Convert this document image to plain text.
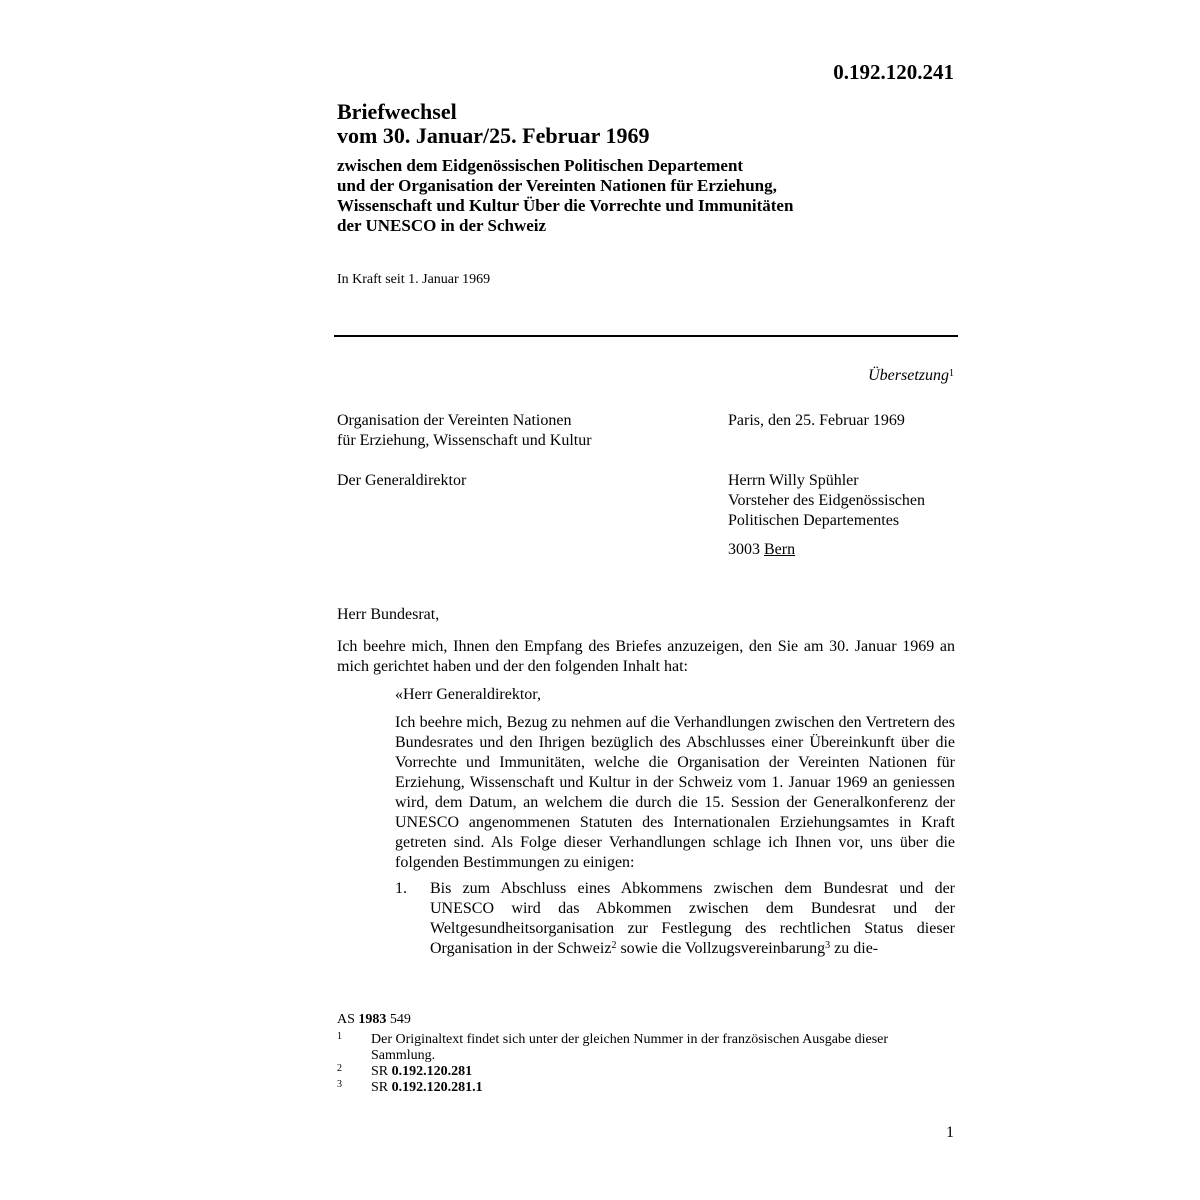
0.192.120.241
Briefwechsel
vom 30. Januar/25. Februar 1969
zwischen dem Eidgenössischen Politischen Departement
und der Organisation der Vereinten Nationen für Erziehung,
Wissenschaft und Kultur Über die Vorrechte und Immunitäten
der UNESCO in der Schweiz
In Kraft seit 1. Januar 1969
Übersetzung$^1$
Organisation der Vereinten Nationen
für Erziehung, Wissenschaft und Kultur
Der Generaldirektor
Paris, den 25. Februar 1969
Herrn Willy Spühler
Vorsteher des Eidgenössischen
Politischen Departementes
3003 Bern
Herr Bundesrat,
Ich beehre mich, Ihnen den Empfang des Briefes anzuzeigen, den Sie am 30. Januar 1969 an mich gerichtet haben und der den folgenden Inhalt hat:
«Herr Generaldirektor,
Ich beehre mich, Bezug zu nehmen auf die Verhandlungen zwischen den Vertretern des Bundesrates und den Ihrigen bezüglich des Abschlusses einer Übereinkunft über die Vorrechte und Immunitäten, welche die Organisation der Vereinten Nationen für Erziehung, Wissenschaft und Kultur in der Schweiz vom 1. Januar 1969 an geniessen wird, dem Datum, an welchem die durch die 15. Session der Generalkonferenz der UNESCO angenommenen Statuten des Internationalen Erziehungsamtes in Kraft getreten sind. Als Folge dieser Verhandlungen schlage ich Ihnen vor, uns über die folgenden Bestimmungen zu einigen:
1. Bis zum Abschluss eines Abkommens zwischen dem Bundesrat und der UNESCO wird das Abkommen zwischen dem Bundesrat und der Weltgesundheitsorganisation zur Festlegung des rechtlichen Status dieser Organisation in der Schweiz$^2$ sowie die Vollzugsvereinbarung$^3$ zu die-
AS 1983 549
1 Der Originaltext findet sich unter der gleichen Nummer in der französischen Ausgabe dieser Sammlung.
2 SR 0.192.120.281
3 SR 0.192.120.281.1
1
